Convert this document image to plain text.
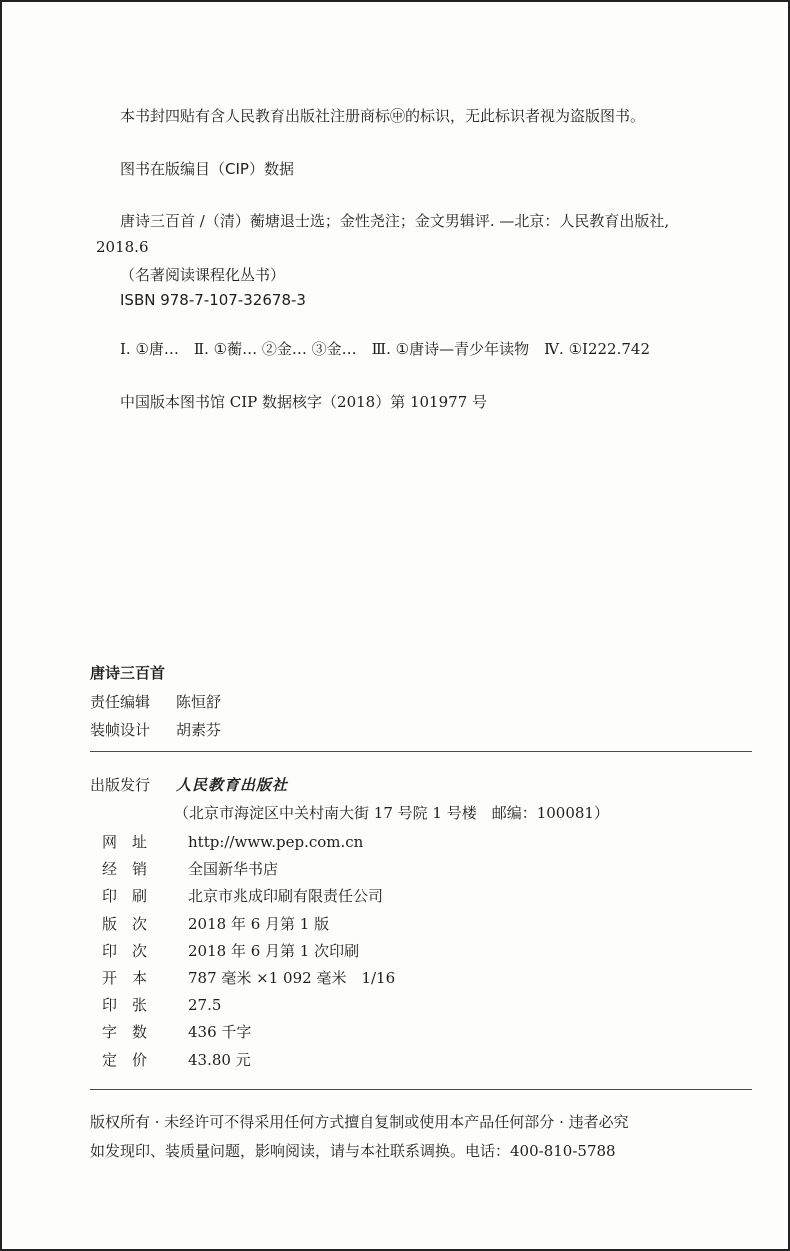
本书封四贴有含人民教育出版社注册商标㊥的标识，无此标识者视为盗版图书。
图书在版编目（CIP）数据
唐诗三百首 /（清）蘅塘退士选；金性尧注；金文男辑评. —北京：人民教育出版社,
2018.6
（名著阅读课程化丛书）
ISBN 978-7-107-32678-3
Ⅰ. ①唐…　Ⅱ. ①蘅… ②金… ③金…　Ⅲ. ①唐诗—青少年读物　Ⅳ. ①I222.742
中国版本图书馆 CIP 数据核字（2018）第 101977 号
唐诗三百首
责任编辑 陈恒舒
装帧设计 胡素芬
出版发行 人民教育出版社
（北京市海淀区中关村南大街 17 号院 1 号楼　邮编：100081）
网　址	http://www.pep.com.cn
经　销	全国新华书店
印　刷	北京市兆成印刷有限责任公司
版　次	2018 年 6 月第 1 版
印　次	2018 年 6 月第 1 次印刷
开　本	787 毫米 ×1 092 毫米　1/16
印　张	27.5
字　数	436 千字
定　价	43.80 元
版权所有 · 未经许可不得采用任何方式擅自复制或使用本产品任何部分 · 违者必究
如发现印、装质量问题，影响阅读，请与本社联系调换。电话：400-810-5788
